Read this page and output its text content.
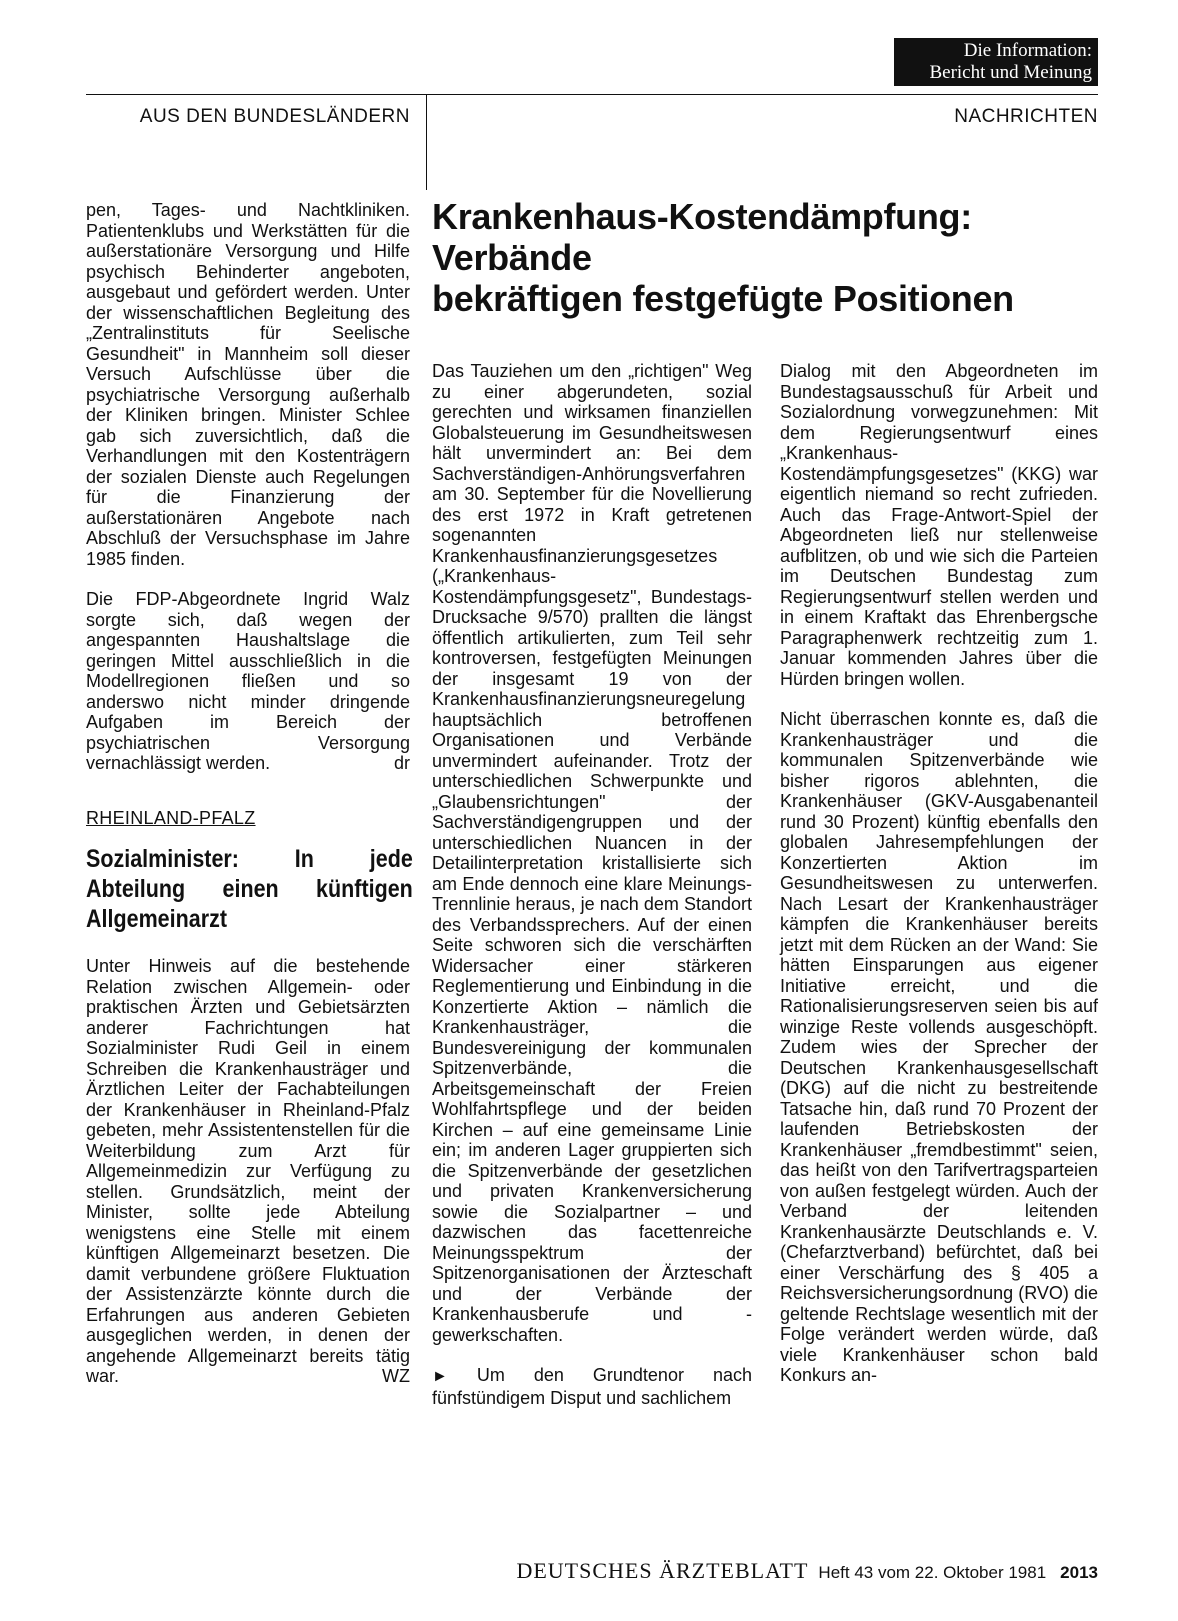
Die Information:
Bericht und Meinung
AUS DEN BUNDESLÄNDERN	NACHRICHTEN

pen, Tages- und Nachtkliniken. Patientenklubs und Werkstätten für die außerstationäre Versorgung und Hilfe psychisch Behinderter angeboten, ausgebaut und gefördert werden. Unter der wissenschaftlichen Begleitung des „Zentralinstituts für Seelische Gesundheit" in Mannheim soll dieser Versuch Aufschlüsse über die psychiatrische Versorgung außerhalb der Kliniken bringen. Minister Schlee gab sich zuversichtlich, daß die Verhandlungen mit den Kostenträgern der sozialen Dienste auch Regelungen für die Finanzierung der außerstationären Angebote nach Abschluß der Versuchsphase im Jahre 1985 finden.

Die FDP-Abgeordnete Ingrid Walz sorgte sich, daß wegen der angespannten Haushaltslage die geringen Mittel ausschließlich in die Modellregionen fließen und so anderswo nicht minder dringende Aufgaben im Bereich der psychiatrischen Versorgung vernachlässigt werden.	dr

RHEINLAND-PFALZ
Sozialminister: In jede Abteilung einen künftigen Allgemeinarzt

Unter Hinweis auf die bestehende Relation zwischen Allgemein- oder praktischen Ärzten und Gebietsärzten anderer Fachrichtungen hat Sozialminister Rudi Geil in einem Schreiben die Krankenhausträger und Ärztlichen Leiter der Fachabteilungen der Krankenhäuser in Rheinland-Pfalz gebeten, mehr Assistentenstellen für die Weiterbildung zum Arzt für Allgemeinmedizin zur Verfügung zu stellen. Grundsätzlich, meint der Minister, sollte jede Abteilung wenigstens eine Stelle mit einem künftigen Allgemeinarzt besetzen. Die damit verbundene größere Fluktuation der Assistenzärzte könnte durch die Erfahrungen aus anderen Gebieten ausgeglichen werden, in denen der angehende Allgemeinarzt bereits tätig war.	WZ

Krankenhaus-Kostendämpfung:
Verbände
bekräftigen festgefügte Positionen

Das Tauziehen um den „richtigen" Weg zu einer abgerundeten, sozial gerechten und wirksamen finanziellen Globalsteuerung im Gesundheitswesen hält unvermindert an: Bei dem Sachverständigen-Anhörungsverfahren am 30. September für die Novellierung des erst 1972 in Kraft getretenen sogenannten Krankenhausfinanzierungsgesetzes („Krankenhaus-Kostendämpfungsgesetz", Bundestags-Drucksache 9/570) prallten die längst öffentlich artikulierten, zum Teil sehr kontroversen, festgefügten Meinungen der insgesamt 19 von der Krankenhausfinanzierungsneuregelung hauptsächlich betroffenen Organisationen und Verbände unvermindert aufeinander. Trotz der unterschiedlichen Schwerpunkte und „Glaubensrichtungen" der Sachverständigengruppen und der unterschiedlichen Nuancen in der Detailinterpretation kristallisierte sich am Ende dennoch eine klare Meinungs-Trennlinie heraus, je nach dem Standort des Verbandssprechers. Auf der einen Seite schworen sich die verschärften Widersacher einer stärkeren Reglementierung und Einbindung in die Konzertierte Aktion – nämlich die Krankenhausträger, die Bundesvereinigung der kommunalen Spitzenverbände, die Arbeitsgemeinschaft der Freien Wohlfahrtspflege und der beiden Kirchen – auf eine gemeinsame Linie ein; im anderen Lager gruppierten sich die Spitzenverbände der gesetzlichen und privaten Krankenversicherung sowie die Sozialpartner – und dazwischen das facettenreiche Meinungsspektrum der Spitzenorganisationen der Ärzteschaft und der Verbände der Krankenhausberufe und -gewerkschaften.

► Um den Grundtenor nach fünfstündigem Disput und sachlichem

Dialog mit den Abgeordneten im Bundestagsausschuß für Arbeit und Sozialordnung vorwegzunehmen: Mit dem Regierungsentwurf eines „Krankenhaus-Kostendämpfungsgesetzes" (KKG) war eigentlich niemand so recht zufrieden. Auch das Frage-Antwort-Spiel der Abgeordneten ließ nur stellenweise aufblitzen, ob und wie sich die Parteien im Deutschen Bundestag zum Regierungsentwurf stellen werden und in einem Kraftakt das Ehrenbergsche Paragraphenwerk rechtzeitig zum 1. Januar kommenden Jahres über die Hürden bringen wollen.

Nicht überraschen konnte es, daß die Krankenhausträger und die kommunalen Spitzenverbände wie bisher rigoros ablehnten, die Krankenhäuser (GKV-Ausgabenanteil rund 30 Prozent) künftig ebenfalls den globalen Jahresempfehlungen der Konzertierten Aktion im Gesundheitswesen zu unterwerfen. Nach Lesart der Krankenhausträger kämpfen die Krankenhäuser bereits jetzt mit dem Rücken an der Wand: Sie hätten Einsparungen aus eigener Initiative erreicht, und die Rationalisierungsreserven seien bis auf winzige Reste vollends ausgeschöpft. Zudem wies der Sprecher der Deutschen Krankenhausgesellschaft (DKG) auf die nicht zu bestreitende Tatsache hin, daß rund 70 Prozent der laufenden Betriebskosten der Krankenhäuser „fremdbestimmt" seien, das heißt von den Tarifvertragsparteien von außen festgelegt würden. Auch der Verband der leitenden Krankenhausärzte Deutschlands e. V. (Chefarztverband) befürchtet, daß bei einer Verschärfung des § 405 a Reichsversicherungsordnung (RVO) die geltende Rechtslage wesentlich mit der Folge verändert werden würde, daß viele Krankenhäuser schon bald Konkurs an-

DEUTSCHES ÄRZTEBLATT Heft 43 vom 22. Oktober 1981 2013
